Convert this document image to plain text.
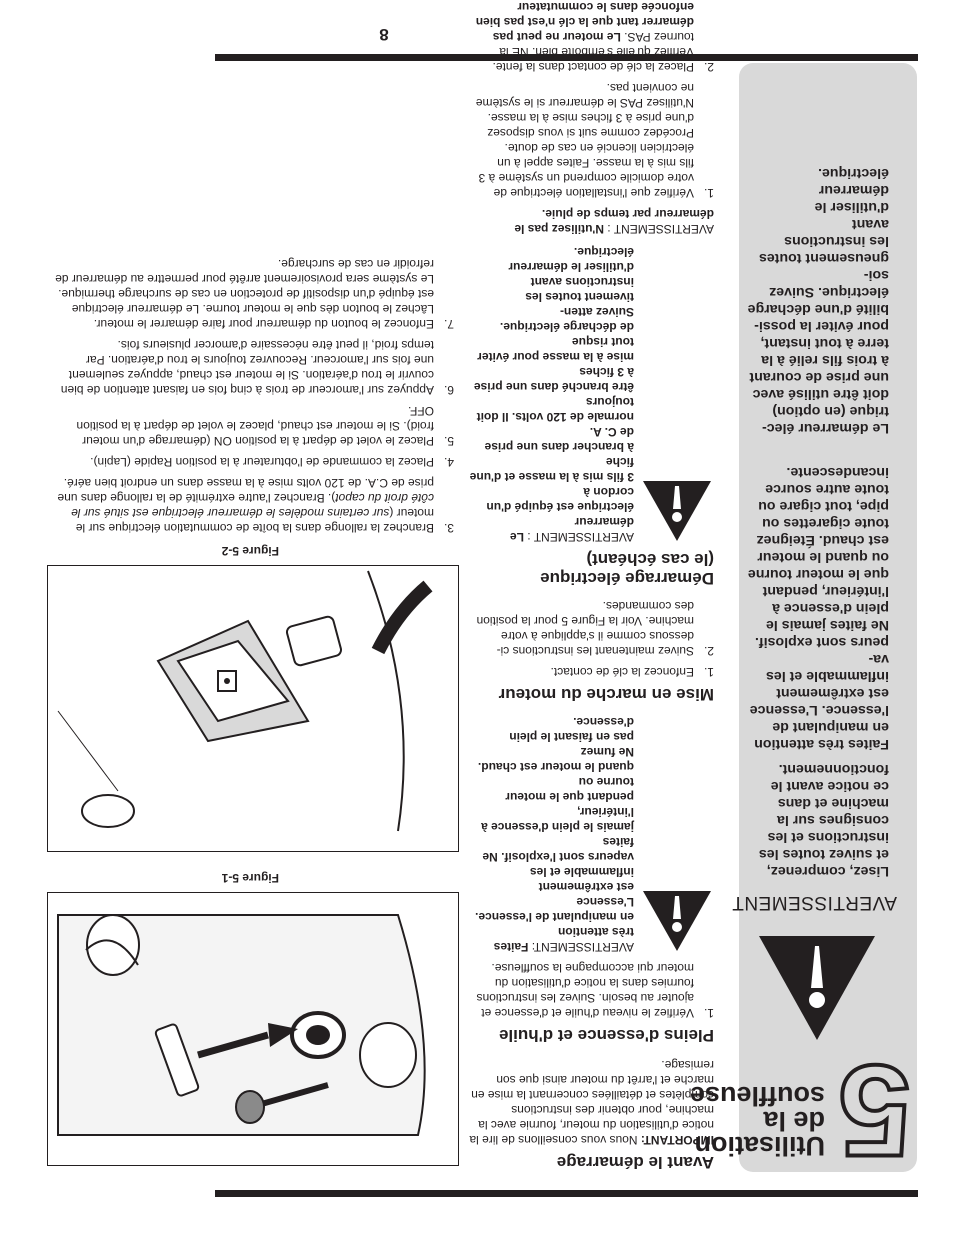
8
5
Utilisation de la souffleuse
AVERTISSEMENT

Lisez, comprenez,
et suivez toutes les
instructions et les
consignes sur la
machine et dans
ce notice avant le
fonctionnement.

Faites très attention
en manipulant de
l'essence. L'essence
est extrêmement
inflammable et les va-
peurs sont explosif.
Ne faites jamais le
plein d'essence à
l'intérieur, pendant
que le moteur tourne
ou quand le moteur
est chaud. Éteignez
toute cigarettes ou
pipe, tout cigare ou
toute autre source
incandescente.

Le démarreur élec-
trique (en option)
doit être utilisé avec
une prise de courant
à trois fils relié à la
terre à tout instant,
pour éviter la possi-
bilité d'une décharge
électrique. Suivez soi-
gneusement toutes
les instructions avant
d'utiliser le démarreur
électrique.

Avant le démarrage

IMPORTANT: Nous vous conseillons de lire la notice d'utilisation du moteur, fournie avec la machine, pour obtenir des instructions complètes et détaillées concernant la mise en marche et l'arrêt du moteur ainsi que son remisage.

Pleins d'essence et d'huile
1.
Vérifiez le niveau d'huile et d'essence et ajouter au besoin. Suivez les instructions fournies dans la notice d'utilisation du moteur qui accompagne la souffleuse.
AVERTISSEMENT: Faites très attention
en manipulant de l'essence. L'essence
est extrêmement inflammable et les
vapeurs sont l'explosif. Ne faites
jamais le plein d'essence à l'intérieur,
pendant que le moteur tourne ou
quand le moteur est chaud. Ne fumez
pas en faisant le plein d'essence.
Mise en marche du moteur
1.
Enfoncez la clé de contact.
2.
Suivez maintenant les instructions ci-dessous comme il s'applique à votre machine. Voir la Figure 5 pour la position des commandes.
Démarrage électrique
(le cas échéant)
AVERTISSEMENT : Le démarreur
électrique est équipé d'un cordon à
3 fils mis à la masse et d'une fiche
à brancher dans une prise de C. A.
normale de 120 volts. Il doit toujours
être branché dans une prise à 3 fiches
mise à la masse pour éviter tout risque
de décharge électrique. Suivez atten-
tivement toutes les instructions avant
d'utiliser le démarreur électrique.

AVERTISSEMENT : N'utilisez pas le démarreur par temps de pluie.

1.
Vérifiez que l'installation électrique de votre domicile comprend un système à 3 fils mis à la masse. Faites appel à un électricien licencié en cas de doute. Procédez comme suit si vous disposez d'une prise à 3 fiches mise à la masse. N'utilisez PAS le démarreur si le système ne convient pas.
2.
Placez la clé de contact dans la fente. Vérifiez qu'elle s'emboîte bien. NE la tournez PAS. Le moteur ne peut pas démarrer tant que la clé n'est pas bien enfoncée dans le commutateur
Figure 5-1
Figure 5-2
3.
Branchez la rallonge dans la boîte de commutation électrique sur le moteur (sur certains modèles le démarreur électrique est situé sur le côté droit du capot). Branchez l'autre extrémité de la rallonge dans une prise de C.A. de 120 volts mise à la masse dans un endroit bien aéré.
4.
Placez la commande de l'obturateur à la position Rapide (Lapin).
5.
Placez le volet de départ à la position ON (démarrage d'un moteur froid). Si le moteur est chaud, placez le volet de départ à la position OFF.
6.
Appuyez sur l'amorceur de trois à cinq fois en faisant attention de bien couvrir le trou d'aération. Si le moteur est chaud, appuyez seulement une fois sur l'amorceur. Recouvrez toujours le trou d'aération. Par temps froid, il peut être nécessaire d'amorcer plusieurs fois.
7.
Enfoncez le bouton du démarreur pour faire démarrer le moteur. Lâchez le bouton dès que le moteur tourne. Le démarreur électrique est équipé d'un dispositif de protection en cas de surcharge thermique. Le système sera provisoirement arrêté pour permettre au démarreur de refroidir en cas de surcharge.
